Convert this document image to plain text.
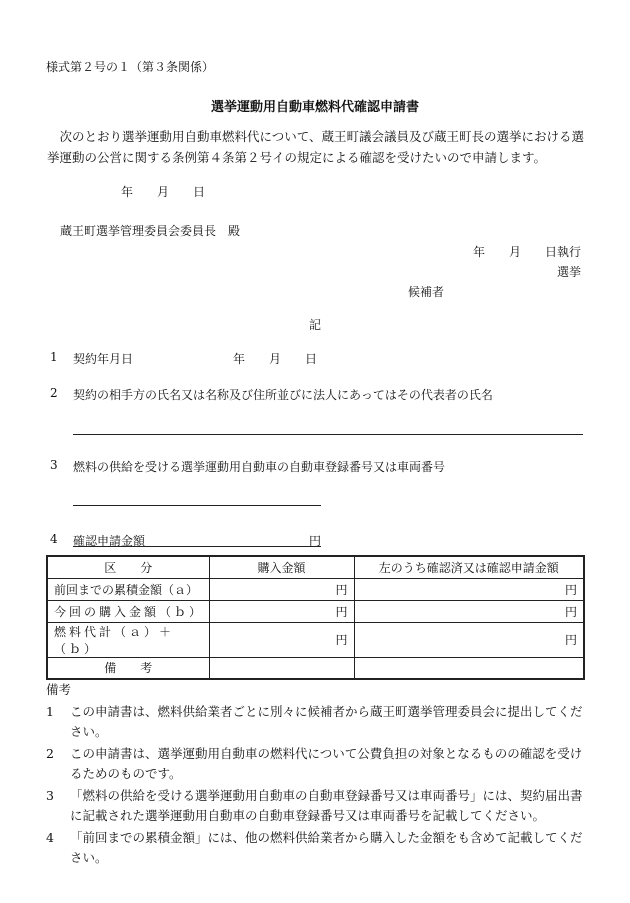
様式第２号の１（第３条関係）
選挙運動用自動車燃料代確認申請書
次のとおり選挙運動用自動車燃料代について、蔵王町議会議員及び蔵王町長の選挙における選挙運動の公営に関する条例第４条第２号イの規定による確認を受けたいので申請します。
年　　月　　日
蔵王町選挙管理委員会委員長　殿
年　　月　　日執行
選挙
候補者
記
1 契約年月日	年　　月　　日
2 契約の相手方の氏名又は名称及び住所並びに法人にあってはその代表者の氏名
3 燃料の供給を受ける選挙運動用自動車の自動車登録番号又は車両番号
4 確認申請金額	円
区　　分	購入金額	左のうち確認済又は確認申請金額
前回までの累積金額（ａ）	円	円
今回の購入金額（ｂ）	円	円
燃料代計（ａ）＋（ｂ）	円	円
備　　考		
備考
1	この申請書は、燃料供給業者ごとに別々に候補者から蔵王町選挙管理委員会に提出してください。
2	この申請書は、選挙運動用自動車の燃料代について公費負担の対象となるものの確認を受けるためのものです。
3	「燃料の供給を受ける選挙運動用自動車の自動車登録番号又は車両番号」には、契約届出書に記載された選挙運動用自動車の自動車登録番号又は車両番号を記載してください。
4	「前回までの累積金額」には、他の燃料供給業者から購入した金額をも含めて記載してください。
